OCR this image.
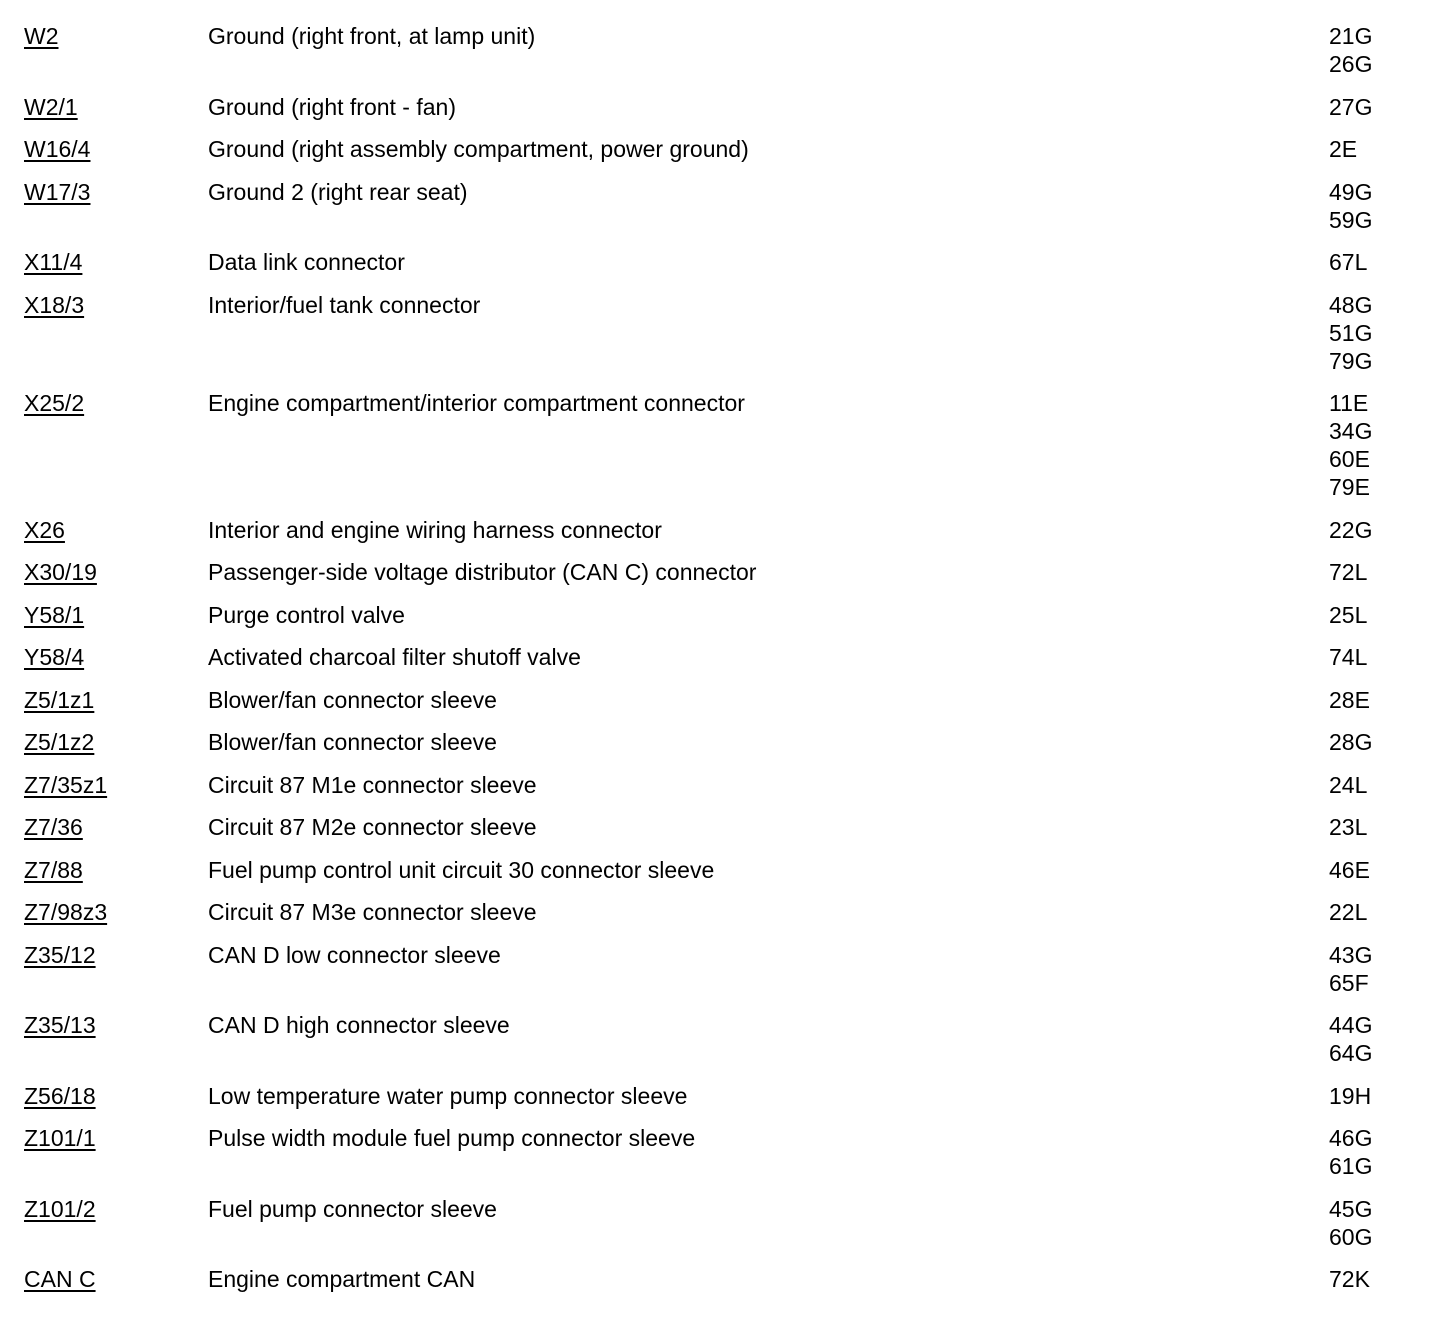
W2	Ground (right front, at lamp unit)	21G
26G
W2/1	Ground (right front - fan)	27G
W16/4	Ground (right assembly compartment, power ground)	2E
W17/3	Ground 2 (right rear seat)	49G
59G
X11/4	Data link connector	67L
X18/3	Interior/fuel tank connector	48G
51G
79G
X25/2	Engine compartment/interior compartment connector	11E
34G
60E
79E
X26	Interior and engine wiring harness connector	22G
X30/19	Passenger-side voltage distributor (CAN C) connector	72L
Y58/1	Purge control valve	25L
Y58/4	Activated charcoal filter shutoff valve	74L
Z5/1z1	Blower/fan connector sleeve	28E
Z5/1z2	Blower/fan connector sleeve	28G
Z7/35z1	Circuit 87 M1e connector sleeve	24L
Z7/36	Circuit 87 M2e connector sleeve	23L
Z7/88	Fuel pump control unit circuit 30 connector sleeve	46E
Z7/98z3	Circuit 87 M3e connector sleeve	22L
Z35/12	CAN D low connector sleeve	43G
65F
Z35/13	CAN D high connector sleeve	44G
64G
Z56/18	Low temperature water pump connector sleeve	19H
Z101/1	Pulse width module fuel pump connector sleeve	46G
61G
Z101/2	Fuel pump connector sleeve	45G
60G
CAN C	Engine compartment CAN	72K
